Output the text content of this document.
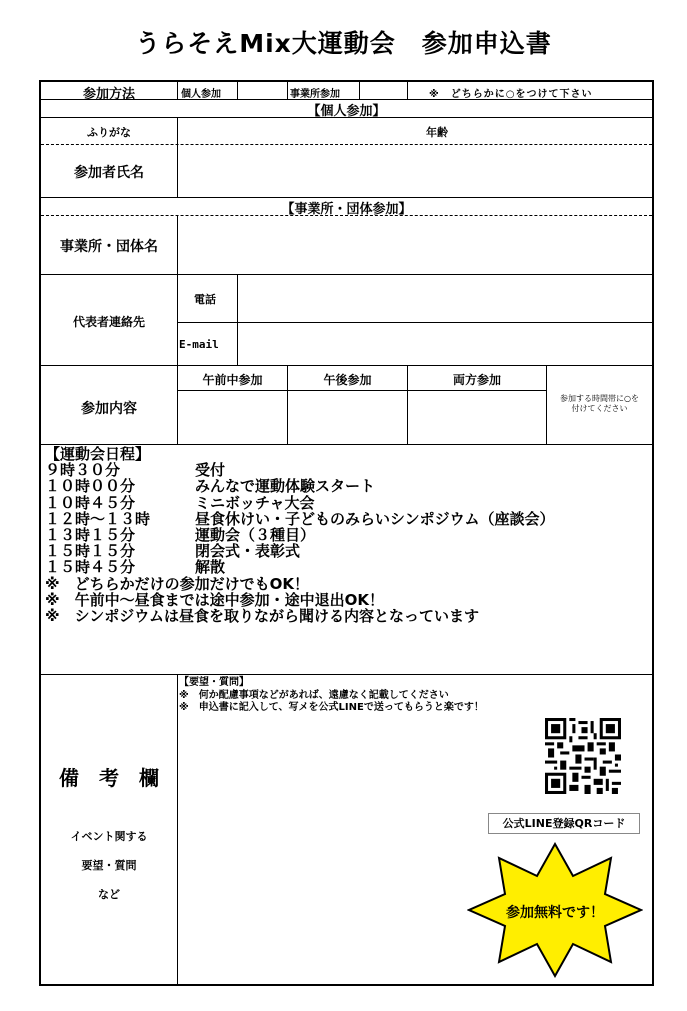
うらそえMix大運動会　参加申込書
参加方法	個人参加	事業所参加	※　どちらかに○をつけて下さい
【個人参加】
ふりがな	年齢
参加者氏名
【事業所・団体参加】
事業所・団体名
代表者連絡先
電話
E-mail
参加内容
午前中参加	午後参加	両方参加
参加する時間帯に○を
付けてください
【運動会日程】
９時３０分	受付
１０時００分	みんなで運動体験スタート
１０時４５分	ミニボッチャ大会
１２時～１３時	昼食休けい・子どものみらいシンポジウム（座談会）
１３時１５分	運動会（３種目）
１５時１５分	閉会式・表彰式
１５時４５分	解散
※　どちらかだけの参加だけでもOK！
※　午前中～昼食までは途中参加・途中退出OK！
※　シンポジウムは昼食を取りながら聞ける内容となっています
備　考　欄
イベント関する
要望・質問
など
【要望・質問】
※　何か配慮事項などがあれば、遠慮なく記載してください
※　申込書に記入して、写メを公式LINEで送ってもらうと楽です！
公式LINE登録QRコード
参加無料です！
